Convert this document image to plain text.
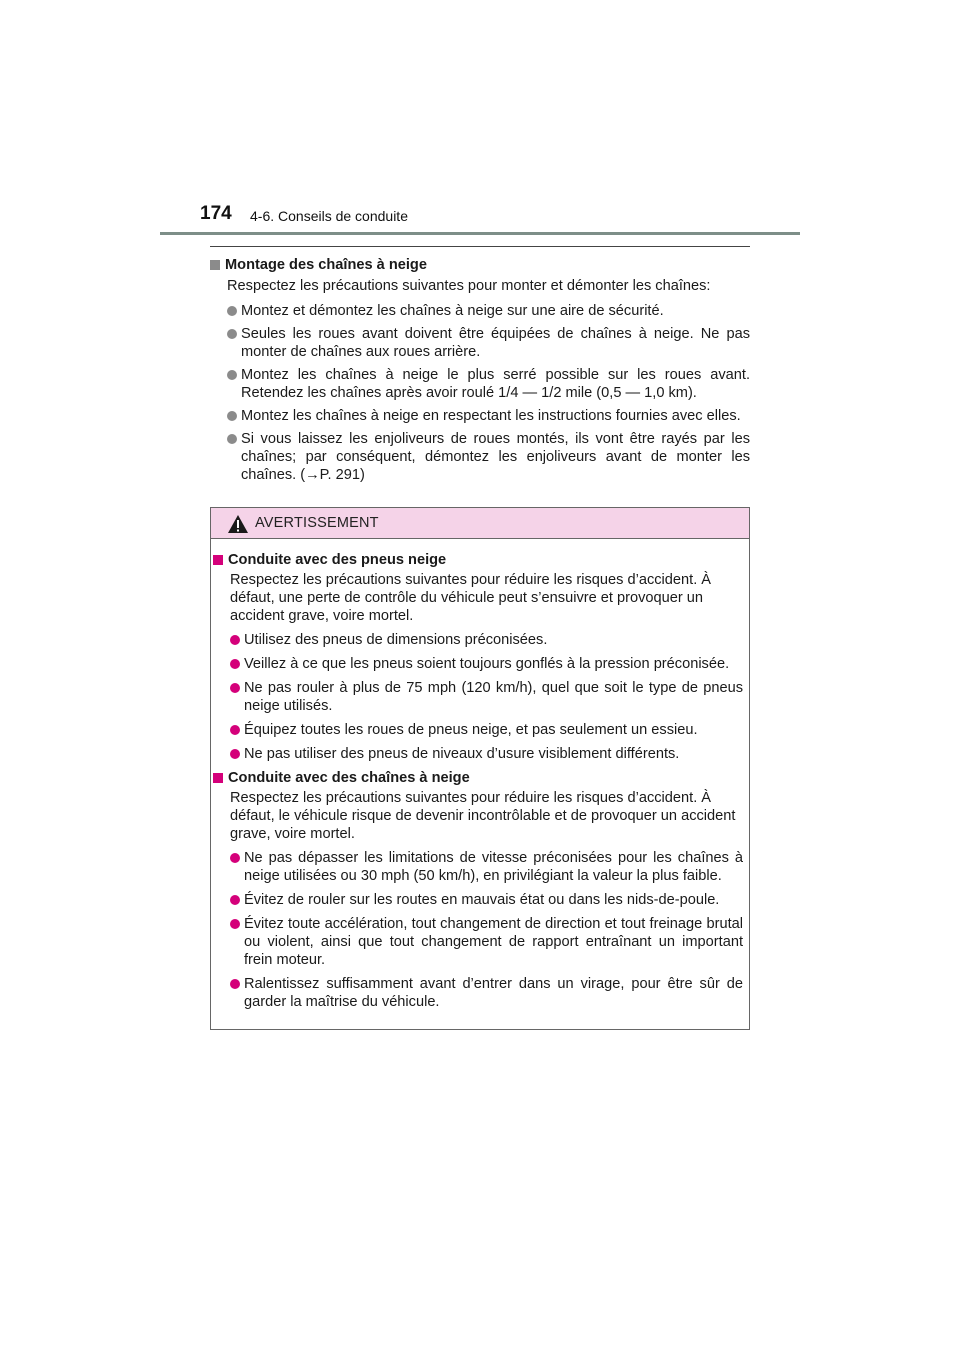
174 4-6. Conseils de conduite
Montage des chaînes à neige
Respectez les précautions suivantes pour monter et démonter les chaînes:
Montez et démontez les chaînes à neige sur une aire de sécurité.
Seules les roues avant doivent être équipées de chaînes à neige. Ne pas monter de chaînes aux roues arrière.
Montez les chaînes à neige le plus serré possible sur les roues avant. Retendez les chaînes après avoir roulé 1/4 — 1/2 mile (0,5 — 1,0 km).
Montez les chaînes à neige en respectant les instructions fournies avec elles.
Si vous laissez les enjoliveurs de roues montés, ils vont être rayés par les chaînes; par conséquent, démontez les enjoliveurs avant de monter les chaînes. (→P. 291)
AVERTISSEMENT
Conduite avec des pneus neige
Respectez les précautions suivantes pour réduire les risques d’accident. À défaut, une perte de contrôle du véhicule peut s’ensuivre et provoquer un accident grave, voire mortel.
Utilisez des pneus de dimensions préconisées.
Veillez à ce que les pneus soient toujours gonflés à la pression préconisée.
Ne pas rouler à plus de 75 mph (120 km/h), quel que soit le type de pneus neige utilisés.
Équipez toutes les roues de pneus neige, et pas seulement un essieu.
Ne pas utiliser des pneus de niveaux d’usure visiblement différents.
Conduite avec des chaînes à neige
Respectez les précautions suivantes pour réduire les risques d’accident. À défaut, le véhicule risque de devenir incontrôlable et de provoquer un accident grave, voire mortel.
Ne pas dépasser les limitations de vitesse préconisées pour les chaînes à neige utilisées ou 30 mph (50 km/h), en privilégiant la valeur la plus faible.
Évitez de rouler sur les routes en mauvais état ou dans les nids-de-poule.
Évitez toute accélération, tout changement de direction et tout freinage brutal ou violent, ainsi que tout changement de rapport entraînant un important frein moteur.
Ralentissez suffisamment avant d’entrer dans un virage, pour être sûr de garder la maîtrise du véhicule.
